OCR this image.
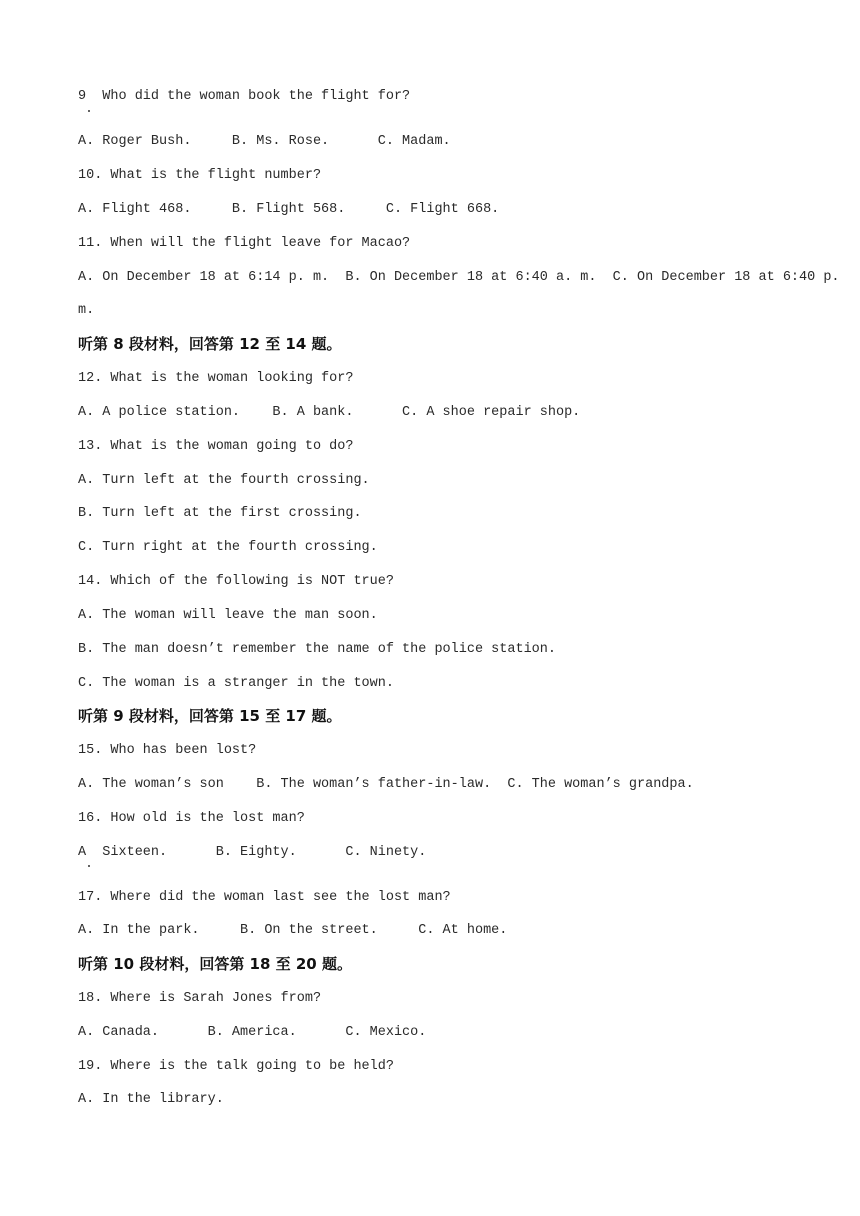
9  Who did the woman book the flight for?
A. Roger Bush.     B. Ms. Rose.      C. Madam.
10. What is the flight number?
A. Flight 468.     B. Flight 568.     C. Flight 668.
11. When will the flight leave for Macao?
A. On December 18 at 6:14 p. m.  B. On December 18 at 6:40 a. m.  C. On December 18 at 6:40 p.
m.
听第 8 段材料，回答第 12 至 14 题。
12. What is the woman looking for?
A. A police station.    B. A bank.      C. A shoe repair shop.
13. What is the woman going to do?
A. Turn left at the fourth crossing.
B. Turn left at the first crossing.
C. Turn right at the fourth crossing.
14. Which of the following is NOT true?
A. The woman will leave the man soon.
B. The man doesn’t remember the name of the police station.
C. The woman is a stranger in the town.
听第 9 段材料，回答第 15 至 17 题。
15. Who has been lost?
A. The woman’s son    B. The woman’s father-in-law.  C. The woman’s grandpa.
16. How old is the lost man?
A  Sixteen.      B. Eighty.      C. Ninety.
17. Where did the woman last see the lost man?
A. In the park.     B. On the street.     C. At home.
听第 10 段材料，回答第 18 至 20 题。
18. Where is Sarah Jones from?
A. Canada.      B. America.      C. Mexico.
19. Where is the talk going to be held?
A. In the library.
